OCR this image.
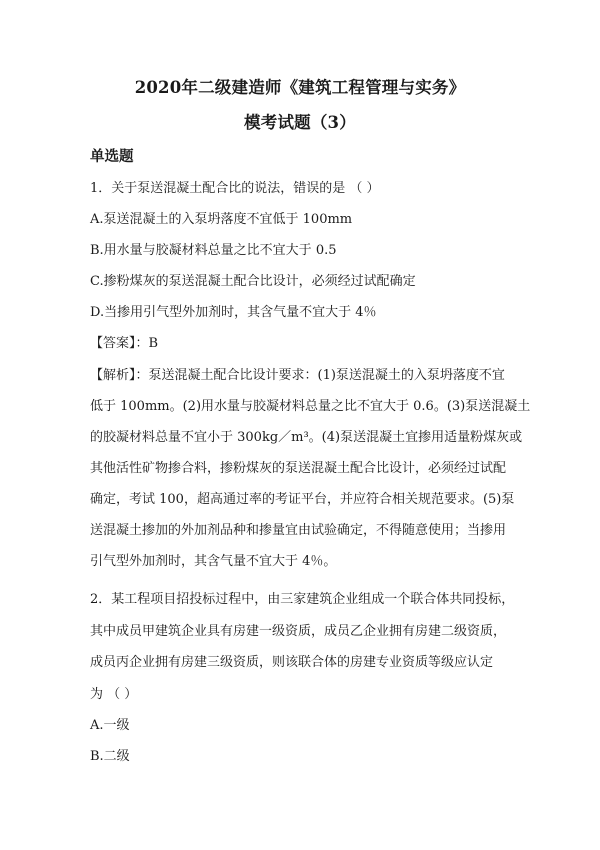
2020年二级建造师《建筑工程管理与实务》
模考试题（3）
单选题
1．关于泵送混凝土配合比的说法，错误的是 （ ）
A.泵送混凝土的入泵坍落度不宜低于 100mm
B.用水量与胶凝材料总量之比不宜大于 0.5
C.掺粉煤灰的泵送混凝土配合比设计，必须经过试配确定
D.当掺用引气型外加剂时，其含气量不宜大于 4％
【答案】：B
【解析】：泵送混凝土配合比设计要求：(1)泵送混凝土的入泵坍落度不宜
低于 100mm。(2)用水量与胶凝材料总量之比不宜大于 0.6。(3)泵送混凝土
的胶凝材料总量不宜小于 300kg／m³。(4)泵送混凝土宜掺用适量粉煤灰或
其他活性矿物掺合料，掺粉煤灰的泵送混凝土配合比设计，必须经过试配
确定，考试 100，超高通过率的考证平台，并应符合相关规范要求。(5)泵
送混凝土掺加的外加剂品种和掺量宜由试验确定，不得随意使用；当掺用
引气型外加剂时，其含气量不宜大于 4％。
2．某工程项目招投标过程中，由三家建筑企业组成一个联合体共同投标，
其中成员甲建筑企业具有房建一级资质，成员乙企业拥有房建二级资质，
成员丙企业拥有房建三级资质，则该联合体的房建专业资质等级应认定
为 （ ）
A.一级
B.二级
